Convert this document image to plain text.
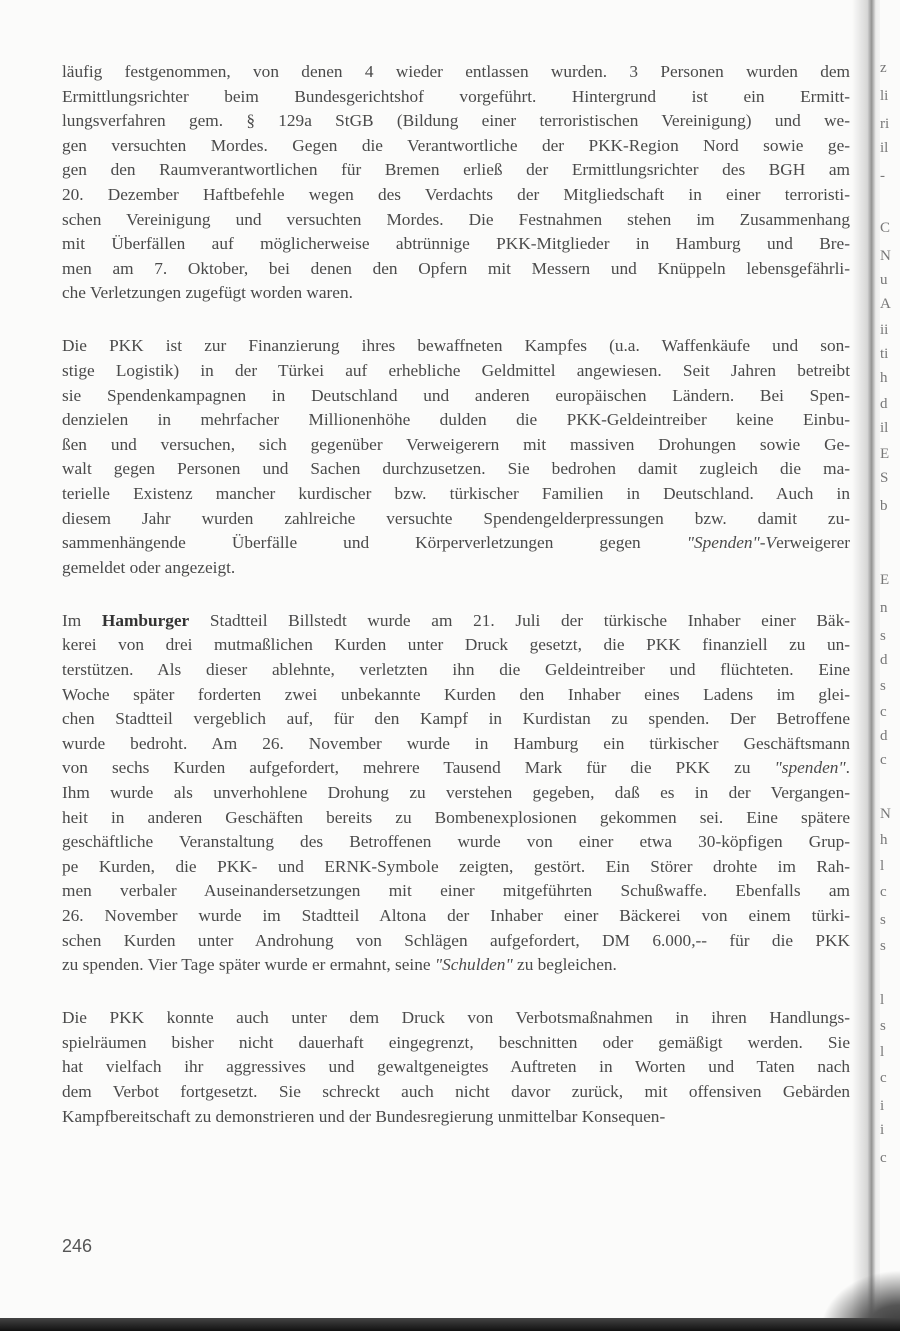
läufig festgenommen, von denen 4 wieder entlassen wurden. 3 Personen wurden dem
Ermittlungsrichter beim Bundesgerichtshof vorgeführt. Hintergrund ist ein Ermitt-
lungsverfahren gem. § 129a StGB (Bildung einer terroristischen Vereinigung) und we-
gen versuchten Mordes. Gegen die Verantwortliche der PKK-Region Nord sowie ge-
gen den Raumverantwortlichen für Bremen erließ der Ermittlungsrichter des BGH am
20. Dezember Haftbefehle wegen des Verdachts der Mitgliedschaft in einer terroristi-
schen Vereinigung und versuchten Mordes. Die Festnahmen stehen im Zusammenhang
mit Überfällen auf möglicherweise abtrünnige PKK-Mitglieder in Hamburg und Bre-
men am 7. Oktober, bei denen den Opfern mit Messern und Knüppeln lebensgefährli-
che Verletzungen zugefügt worden waren.
Die PKK ist zur Finanzierung ihres bewaffneten Kampfes (u.a. Waffenkäufe und son-
stige Logistik) in der Türkei auf erhebliche Geldmittel angewiesen. Seit Jahren betreibt
sie Spendenkampagnen in Deutschland und anderen europäischen Ländern. Bei Spen-
denzielen in mehrfacher Millionenhöhe dulden die PKK-Geldeintreiber keine Einbu-
ßen und versuchen, sich gegenüber Verweigerern mit massiven Drohungen sowie Ge-
walt gegen Personen und Sachen durchzusetzen. Sie bedrohen damit zugleich die ma-
terielle Existenz mancher kurdischer bzw. türkischer Familien in Deutschland. Auch in
diesem Jahr wurden zahlreiche versuchte Spendengelderpressungen bzw. damit zu-
sammenhängende Überfälle und Körperverletzungen gegen "Spenden"-Verweigerer
gemeldet oder angezeigt.
Im Hamburger Stadtteil Billstedt wurde am 21. Juli der türkische Inhaber einer Bäk-
kerei von drei mutmaßlichen Kurden unter Druck gesetzt, die PKK finanziell zu un-
terstützen. Als dieser ablehnte, verletzten ihn die Geldeintreiber und flüchteten. Eine
Woche später forderten zwei unbekannte Kurden den Inhaber eines Ladens im glei-
chen Stadtteil vergeblich auf, für den Kampf in Kurdistan zu spenden. Der Betroffene
wurde bedroht. Am 26. November wurde in Hamburg ein türkischer Geschäftsmann
von sechs Kurden aufgefordert, mehrere Tausend Mark für die PKK zu "spenden".
Ihm wurde als unverhohlene Drohung zu verstehen gegeben, daß es in der Vergangen-
heit in anderen Geschäften bereits zu Bombenexplosionen gekommen sei. Eine spätere
geschäftliche Veranstaltung des Betroffenen wurde von einer etwa 30-köpfigen Grup-
pe Kurden, die PKK- und ERNK-Symbole zeigten, gestört. Ein Störer drohte im Rah-
men verbaler Auseinandersetzungen mit einer mitgeführten Schußwaffe. Ebenfalls am
26. November wurde im Stadtteil Altona der Inhaber einer Bäckerei von einem türki-
schen Kurden unter Androhung von Schlägen aufgefordert, DM 6.000,-- für die PKK
zu spenden. Vier Tage später wurde er ermahnt, seine "Schulden" zu begleichen.
Die PKK konnte auch unter dem Druck von Verbotsmaßnahmen in ihren Handlungs-
spielräumen bisher nicht dauerhaft eingegrenzt, beschnitten oder gemäßigt werden. Sie
hat vielfach ihr aggressives und gewaltgeneigtes Auftreten in Worten und Taten nach
dem Verbot fortgesetzt. Sie schreckt auch nicht davor zurück, mit offensiven Gebärden
Kampfbereitschaft zu demonstrieren und der Bundesregierung unmittelbar Konsequen-
246
z
li
ri
il
-
C
N
u
A
ii
ti
h
d
il
E
S
b
E
n
s
d
s
c
d
c
N
h
l
c
s
s
l
s
l
c
i
i
c
